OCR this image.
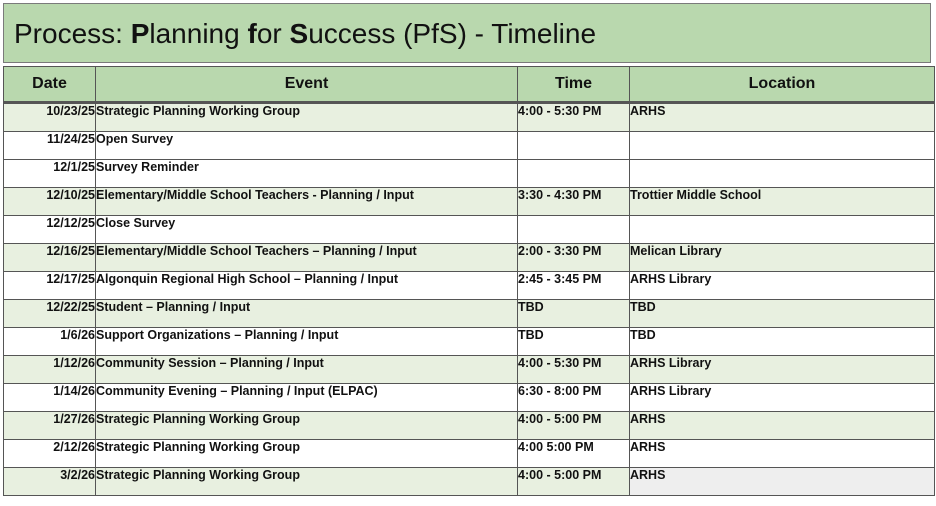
Process: Planning for Success (PfS) - Timeline
Date	Event	Time	Location
10/23/25	Strategic Planning Working Group	4:00 - 5:30 PM	ARHS
11/24/25	Open Survey		
12/1/25	Survey Reminder		
12/10/25	Elementary/Middle School Teachers - Planning / Input	3:30 - 4:30 PM	Trottier Middle School
12/12/25	Close Survey		
12/16/25	Elementary/Middle School Teachers – Planning / Input	2:00 - 3:30 PM	Melican Library
12/17/25	Algonquin Regional High School – Planning / Input	2:45 - 3:45 PM	ARHS Library
12/22/25	Student – Planning / Input	TBD	TBD
1/6/26	Support Organizations – Planning / Input	TBD	TBD
1/12/26	Community Session – Planning / Input	4:00 - 5:30 PM	ARHS Library
1/14/26	Community Evening – Planning / Input (ELPAC)	6:30 - 8:00 PM	ARHS Library
1/27/26	Strategic Planning Working Group	4:00 - 5:00 PM	ARHS
2/12/26	Strategic Planning Working Group	4:00 5:00 PM	ARHS
3/2/26	Strategic Planning Working Group	4:00 - 5:00 PM	ARHS
